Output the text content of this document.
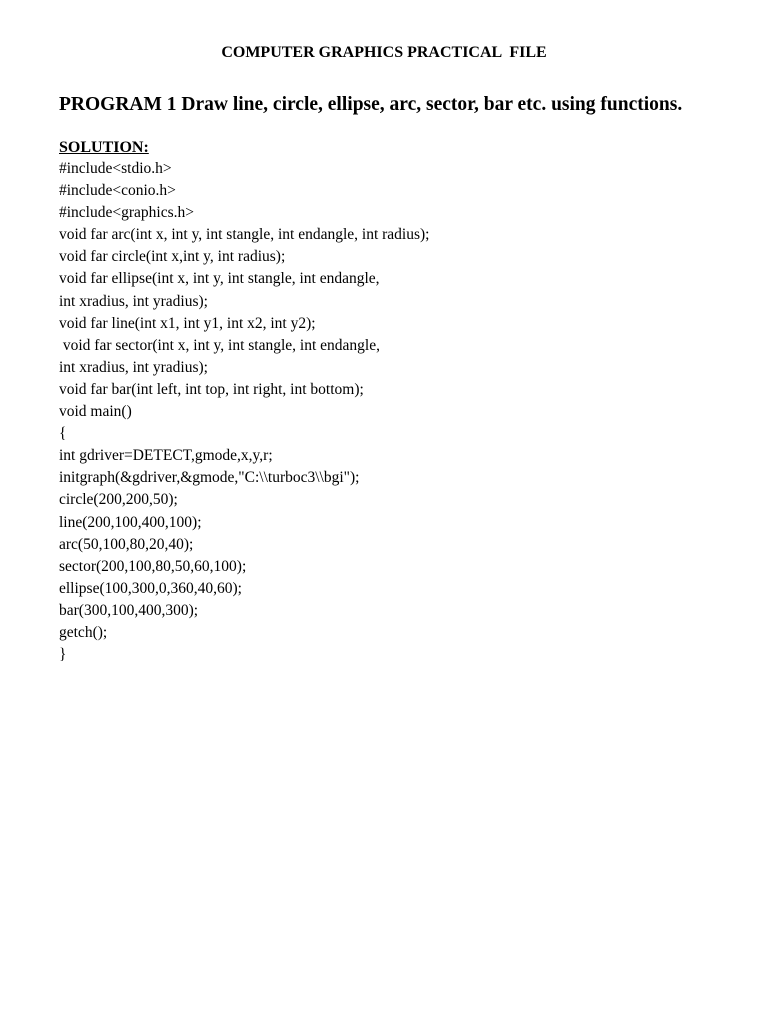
COMPUTER GRAPHICS PRACTICAL  FILE
PROGRAM 1 Draw line, circle, ellipse, arc, sector, bar etc. using functions.
SOLUTION:
#include<stdio.h>
#include<conio.h>
#include<graphics.h>
void far arc(int x, int y, int stangle, int endangle, int radius);
void far circle(int x,int y, int radius);
void far ellipse(int x, int y, int stangle, int endangle,
int xradius, int yradius);
void far line(int x1, int y1, int x2, int y2);
void far sector(int x, int y, int stangle, int endangle,
int xradius, int yradius);
void far bar(int left, int top, int right, int bottom);
void main()
{
int gdriver=DETECT,gmode,x,y,r;
initgraph(&gdriver,&gmode,"C:\\turboc3\\bgi");
circle(200,200,50);
line(200,100,400,100);
arc(50,100,80,20,40);
sector(200,100,80,50,60,100);
ellipse(100,300,0,360,40,60);
bar(300,100,400,300);
getch();
}
